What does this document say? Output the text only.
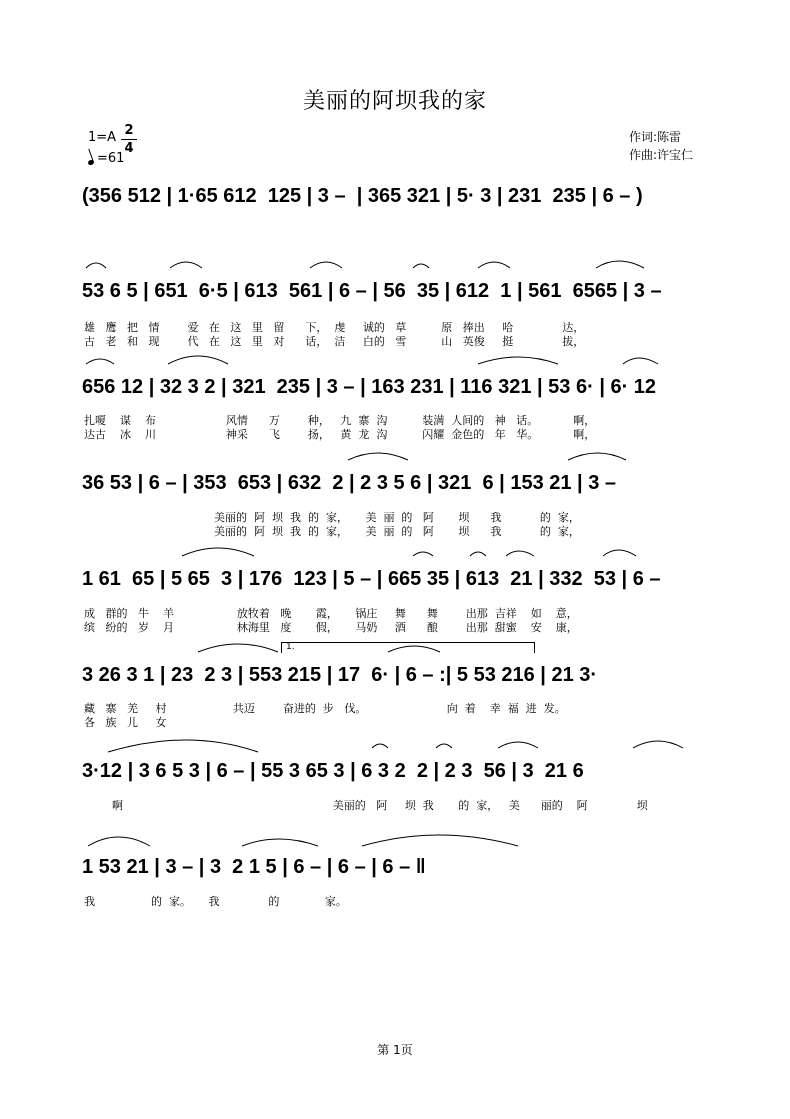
美丽的阿坝我的家
1=A 2
4
=61
作词:陈雷
作曲:许宝仁
(356 512 | 1·65 612  125 | 3 –  | 365 321 | 5· 3 | 231  235 | 6 – )
53 6 5 | 651  6·5 | 613  561 | 6 – | 56  35 | 612  1 | 561  6565 | 3 –
656 12 | 32 3 2 | 321  235 | 3 – | 163 231 | 116 321 | 53 6· | 6· 12
36 53 | 6 – | 353  653 | 632  2 | 2 3 5 6 | 321  6 | 153 21 | 3 –
1 61  65 | 5 65  3 | 176  123 | 5 – | 665 35 | 613  21 | 332  53 | 6 –
1.
3 26 3 1 | 23  2 3 | 553 215 | 17  6· | 6 – :| 5 53 216 | 21 3·
3·12 | 3 6 5 3 | 6 – | 55 3 65 3 | 6 3 2  2 | 2 3  56 | 3  21 6
1 53 21 | 3 – | 3  2 1 5 | 6 – | 6 – | 6 – ‖
雄   鹰   把   情        爱   在   这   里   留      下，  虔     诚的   草          原   捧出     哈              达，
古   老   和   现        代   在   这   里   对      话，  洁     白的   雪          山   英俊     挺              拔，
扎嗄    谋    布                    风情      万        种，   九  寨  沟          装满  人间的   神   话。          啊，
达古    冰    川                    神采      飞        扬，   黄  龙  沟          闪耀  金色的   年   华。          啊，
美丽的  阿  坝  我  的  家，     美  丽  的   阿       坝      我           的  家，
美丽的  阿  坝  我  的  家，     美  丽  的   阿       坝      我           的  家，
成   群的   牛    羊                  放牧着   晚       霞，     锅庄     舞      舞        出那  吉祥    如    意，
缤   纷的   岁    月                  林海里   度       假，     马奶     酒      酿        出那  甜蜜    安    康，
藏   寨   羌     村                   共迈        奋进的  步   伐。                       向  着    幸  福  进  发。
各   族   儿     女
啊                                                            美丽的   阿     坝  我       的  家，   美      丽的    阿              坝
我                的  家。     我              的             家。
第 1页
